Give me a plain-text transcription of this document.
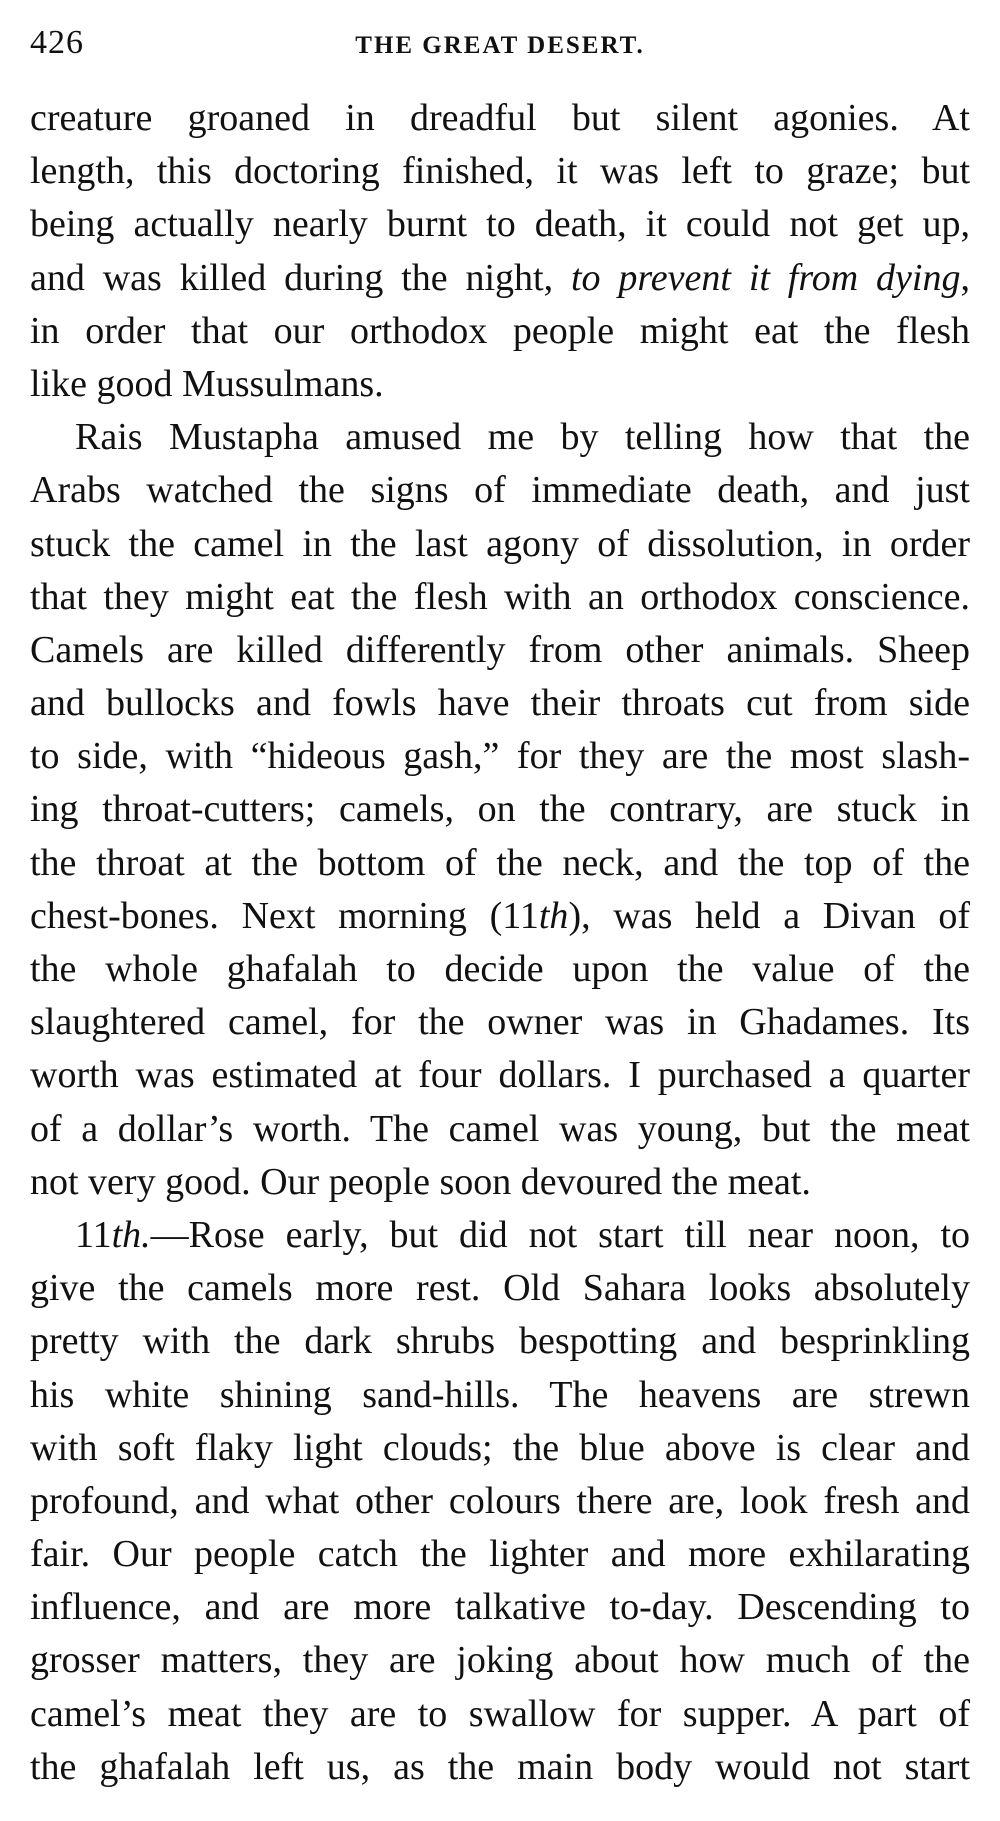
426	THE GREAT DESERT.
creature groaned in dreadful but silent agonies. At
length, this doctoring finished, it was left to graze; but
being actually nearly burnt to death, it could not get up,
and was killed during the night, to prevent it from dying,
in order that our orthodox people might eat the flesh
like good Mussulmans.
Rais Mustapha amused me by telling how that the
Arabs watched the signs of immediate death, and just
stuck the camel in the last agony of dissolution, in order
that they might eat the flesh with an orthodox conscience.
Camels are killed differently from other animals. Sheep
and bullocks and fowls have their throats cut from side
to side, with “hideous gash,” for they are the most slash-
ing throat-cutters; camels, on the contrary, are stuck in
the throat at the bottom of the neck, and the top of the
chest-bones. Next morning (11th), was held a Divan of
the whole ghafalah to decide upon the value of the
slaughtered camel, for the owner was in Ghadames. Its
worth was estimated at four dollars. I purchased a quarter
of a dollar’s worth. The camel was young, but the meat
not very good. Our people soon devoured the meat.
11th.—Rose early, but did not start till near noon, to
give the camels more rest. Old Sahara looks absolutely
pretty with the dark shrubs bespotting and besprinkling
his white shining sand-hills. The heavens are strewn
with soft flaky light clouds; the blue above is clear and
profound, and what other colours there are, look fresh and
fair. Our people catch the lighter and more exhilarating
influence, and are more talkative to-day. Descending to
grosser matters, they are joking about how much of the
camel’s meat they are to swallow for supper. A part of
the ghafalah left us, as the main body would not start
